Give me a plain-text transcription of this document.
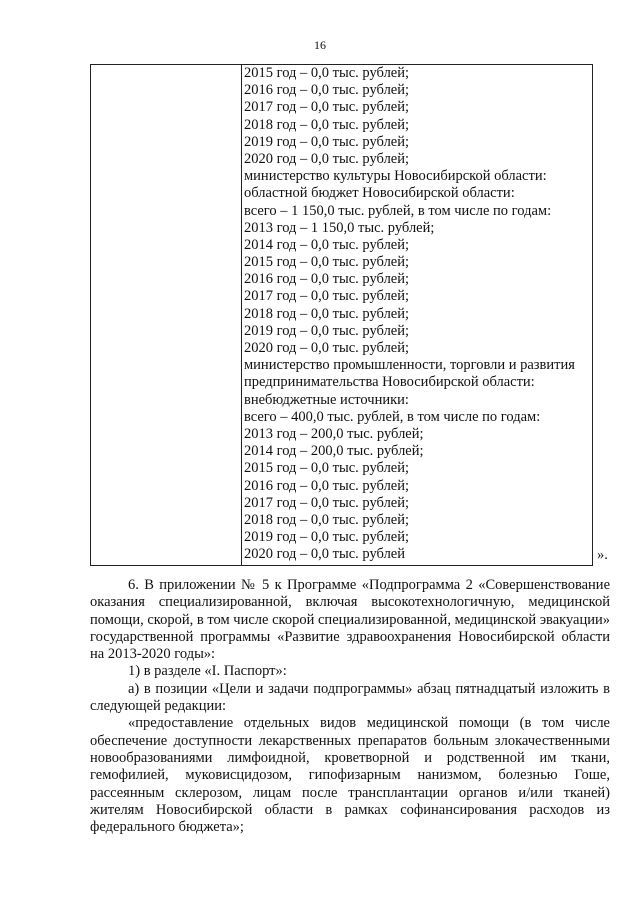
16
2015 год – 0,0 тыс. рублей;
2016 год – 0,0 тыс. рублей;
2017 год – 0,0 тыс. рублей;
2018 год – 0,0 тыс. рублей;
2019 год – 0,0 тыс. рублей;
2020 год – 0,0 тыс. рублей;
министерство культуры Новосибирской области:
областной бюджет Новосибирской области:
всего – 1 150,0 тыс. рублей, в том числе по годам:
2013 год – 1 150,0 тыс. рублей;
2014 год – 0,0 тыс. рублей;
2015 год – 0,0 тыс. рублей;
2016 год – 0,0 тыс. рублей;
2017 год – 0,0 тыс. рублей;
2018 год – 0,0 тыс. рублей;
2019 год – 0,0 тыс. рублей;
2020 год – 0,0 тыс. рублей;
министерство промышленности, торговли и развития
предпринимательства Новосибирской области:
внебюджетные источники:
всего – 400,0 тыс. рублей, в том числе по годам:
2013 год – 200,0 тыс. рублей;
2014 год – 200,0 тыс. рублей;
2015 год – 0,0 тыс. рублей;
2016 год – 0,0 тыс. рублей;
2017 год – 0,0 тыс. рублей;
2018 год – 0,0 тыс. рублей;
2019 год – 0,0 тыс. рублей;
2020 год – 0,0 тыс. рублей	».
6. В приложении № 5 к Программе «Подпрограмма 2 «Совершенствование оказания специализированной, включая высокотехнологичную, медицинской помощи, скорой, в том числе скорой специализированной, медицинской эвакуации» государственной программы «Развитие здравоохранения Новосибирской области на 2013-2020 годы»:
1) в разделе «I. Паспорт»:
а) в позиции «Цели и задачи подпрограммы» абзац пятнадцатый изложить в следующей редакции:
«предоставление отдельных видов медицинской помощи (в том числе обеспечение доступности лекарственных препаратов больным злокачественными новообразованиями лимфоидной, кроветворной и родственной им ткани, гемофилией, муковисцидозом, гипофизарным нанизмом, болезнью Гоше, рассеянным склерозом, лицам после трансплантации органов и/или тканей) жителям Новосибирской области в рамках софинансирования расходов из федерального бюджета»;
